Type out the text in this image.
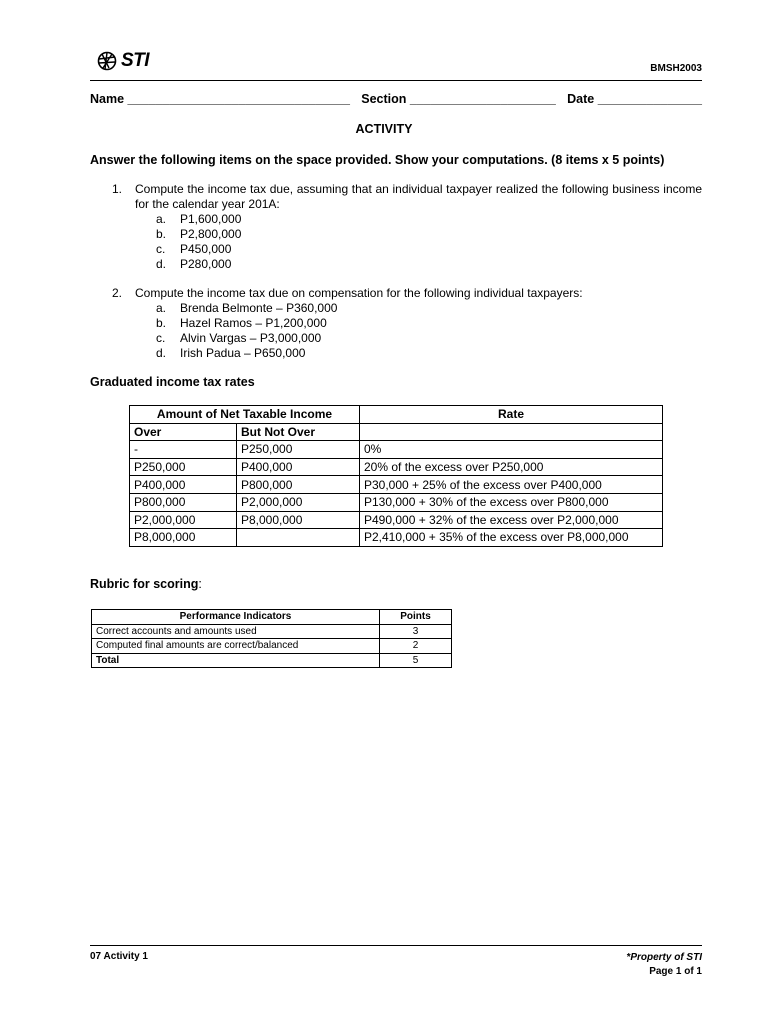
STI	BMSH2003
Name ________________________________ Section _____________________ Date _______________
ACTIVITY
Answer the following items on the space provided. Show your computations. (8 items x 5 points)
1. Compute the income tax due, assuming that an individual taxpayer realized the following business income for the calendar year 201A:
a.	P1,600,000
b.	P2,800,000
c.	P450,000
d.	P280,000
2. Compute the income tax due on compensation for the following individual taxpayers:
a.	Brenda Belmonte – P360,000
b.	Hazel Ramos – P1,200,000
c.	Alvin Vargas – P3,000,000
d.	Irish Padua – P650,000
Graduated income tax rates
Amount of Net Taxable Income		Rate
Over	But Not Over	
-	P250,000	0%
P250,000	P400,000	20% of the excess over P250,000
P400,000	P800,000	P30,000 + 25% of the excess over P400,000
P800,000	P2,000,000	P130,000 + 30% of the excess over P800,000
P2,000,000	P8,000,000	P490,000 + 32% of the excess over P2,000,000
P8,000,000		P2,410,000 + 35% of the excess over P8,000,000
Rubric for scoring:
Performance Indicators	Points
Correct accounts and amounts used	3
Computed final amounts are correct/balanced	2
Total	5
07 Activity 1	*Property of STI
Page 1 of 1
